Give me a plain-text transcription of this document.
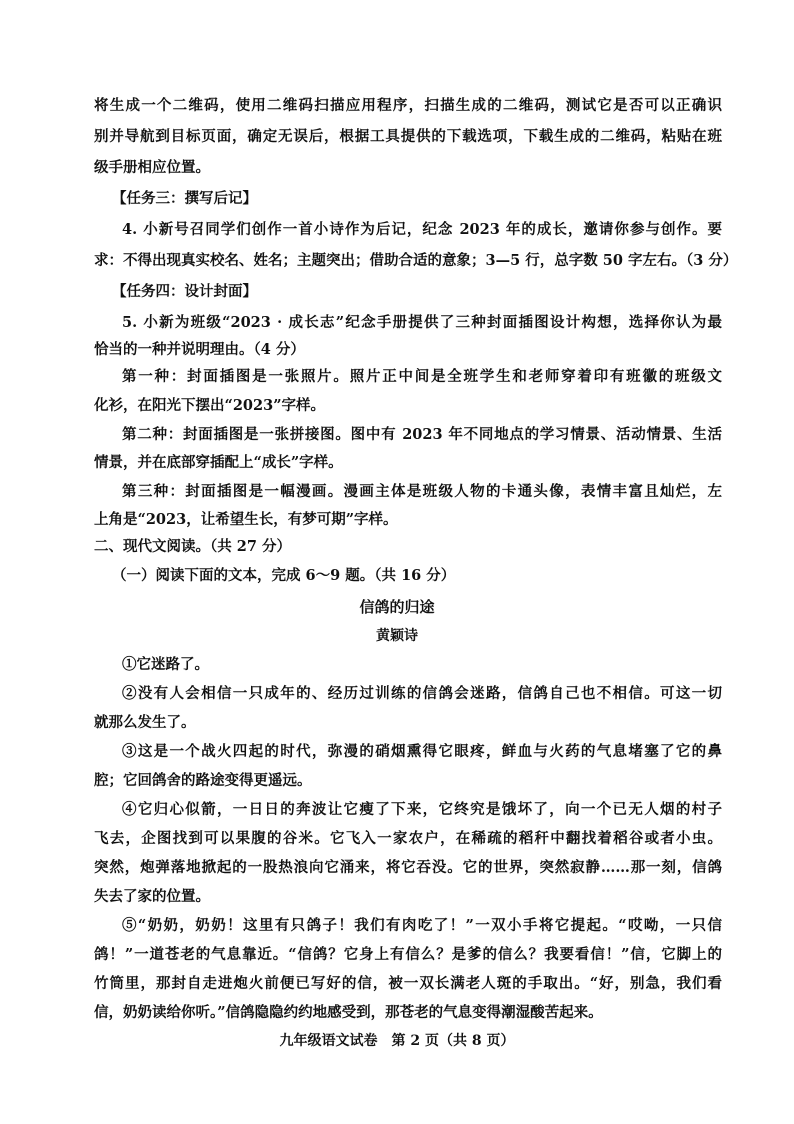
将生成一个二维码，使用二维码扫描应用程序，扫描生成的二维码，测试它是否可以正确识
别并导航到目标页面，确定无误后，根据工具提供的下载选项，下载生成的二维码，粘贴在班
级手册相应位置。
【任务三：撰写后记】
4. 小新号召同学们创作一首小诗作为后记，纪念 2023 年的成长，邀请你参与创作。要
求：不得出现真实校名、姓名；主题突出；借助合适的意象；3—5 行，总字数 50 字左右。（3 分）
【任务四：设计封面】
5. 小新为班级“2023 · 成长志”纪念手册提供了三种封面插图设计构想，选择你认为最
恰当的一种并说明理由。（4 分）
第一种：封面插图是一张照片。照片正中间是全班学生和老师穿着印有班徽的班级文
化衫，在阳光下摆出“2023”字样。
第二种：封面插图是一张拼接图。图中有 2023 年不同地点的学习情景、活动情景、生活
情景，并在底部穿插配上“成长”字样。
第三种：封面插图是一幅漫画。漫画主体是班级人物的卡通头像，表情丰富且灿烂，左
上角是“2023，让希望生长，有梦可期”字样。
二、现代文阅读。（共 27 分）
（一）阅读下面的文本，完成 6～9 题。（共 16 分）
信鸽的归途
黄颖诗
①它迷路了。
②没有人会相信一只成年的、经历过训练的信鸽会迷路，信鸽自己也不相信。可这一切
就那么发生了。
③这是一个战火四起的时代，弥漫的硝烟熏得它眼疼，鲜血与火药的气息堵塞了它的鼻
腔；它回鸽舍的路途变得更遥远。
④它归心似箭，一日日的奔波让它瘦了下来，它终究是饿坏了，向一个已无人烟的村子
飞去，企图找到可以果腹的谷米。它飞入一家农户，在稀疏的稻秆中翻找着稻谷或者小虫。
突然，炮弹落地掀起的一股热浪向它涌来，将它吞没。它的世界，突然寂静……那一刻，信鸽
失去了家的位置。
⑤“奶奶，奶奶！这里有只鸽子！我们有肉吃了！”一双小手将它提起。“哎呦，一只信
鸽！”一道苍老的气息靠近。“信鸽？它身上有信么？是爹的信么？我要看信！”信，它脚上的
竹筒里，那封自走进炮火前便已写好的信，被一双长满老人斑的手取出。“好，别急，我们看
信，奶奶读给你听。”信鸽隐隐约约地感受到，那苍老的气息变得潮湿酸苦起来。
九年级语文试卷　第 2 页（共 8 页）
